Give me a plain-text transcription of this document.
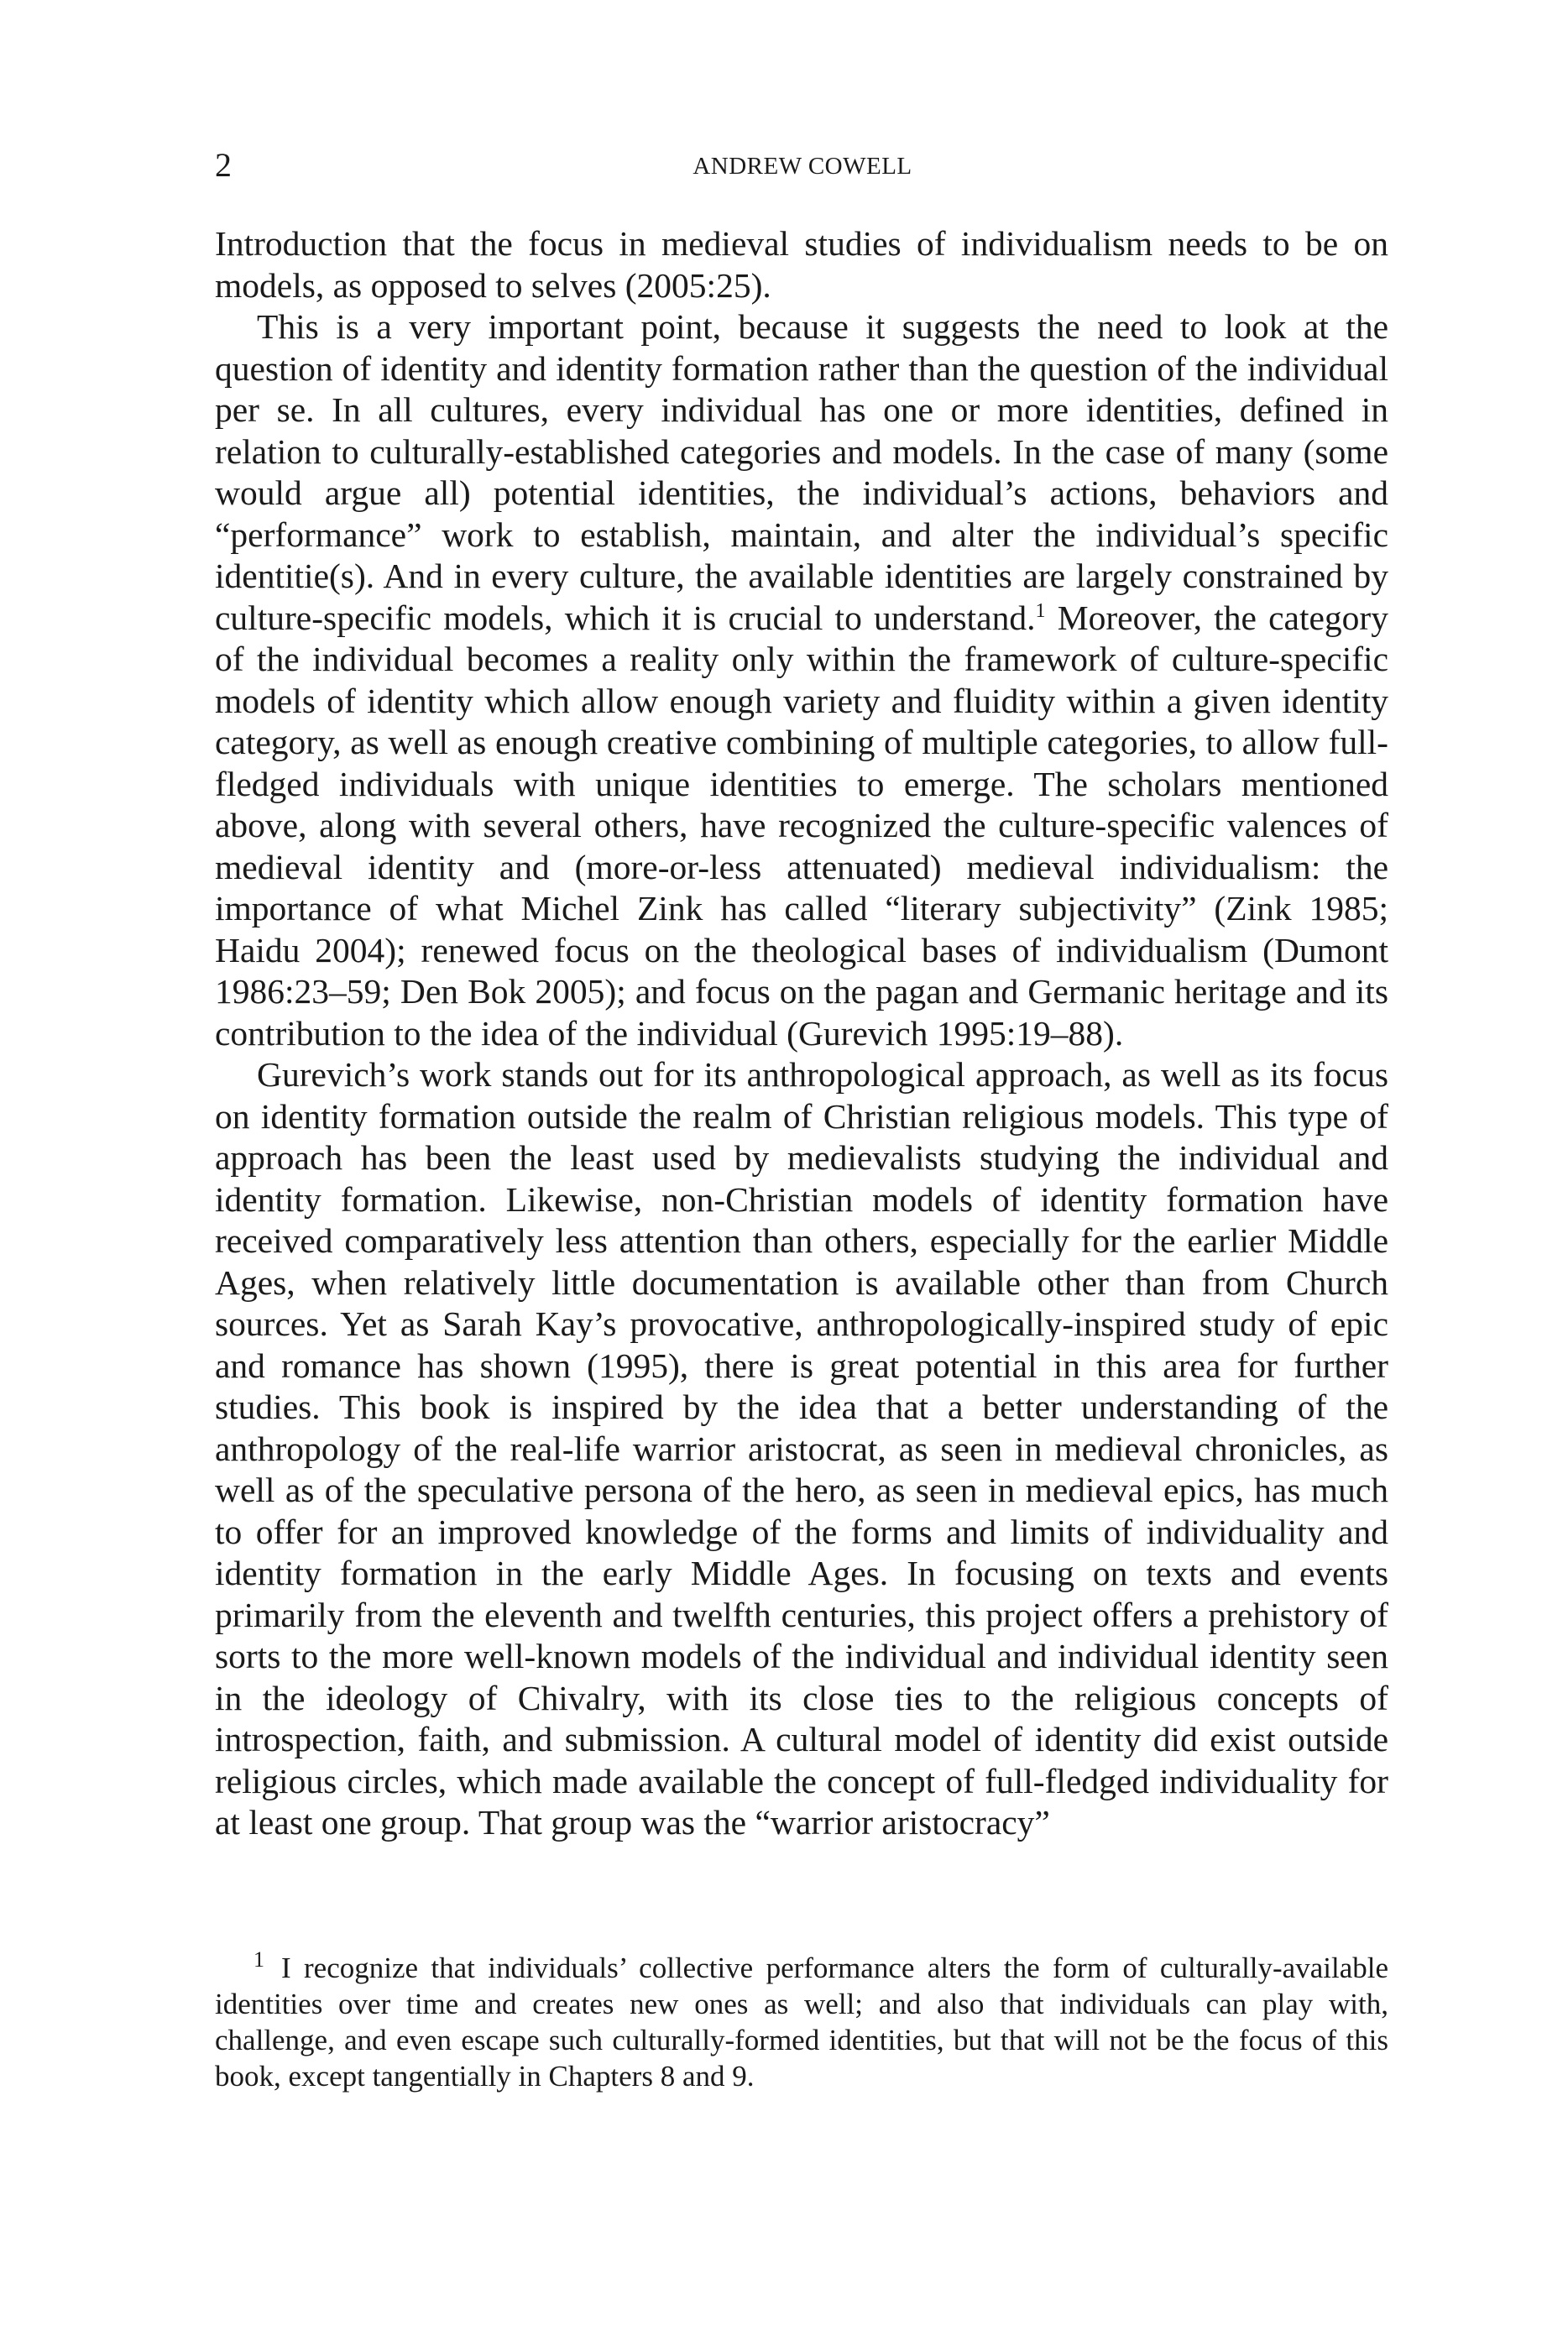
2	ANDREW COWELL

Introduction that the focus in medieval studies of individualism needs to be on models, as opposed to selves (2005:25).

This is a very important point, because it suggests the need to look at the question of identity and identity formation rather than the question of the individual per se. In all cultures, every individual has one or more identities, defined in relation to culturally-established categories and models. In the case of many (some would argue all) potential identities, the individual’s actions, behaviors and “performance” work to establish, maintain, and alter the individual’s specific identitie(s). And in every culture, the available identities are largely constrained by culture-specific models, which it is crucial to understand.$^1$ Moreover, the category of the individual becomes a reality only within the framework of culture-specific models of identity which allow enough variety and fluidity within a given identity category, as well as enough creative combining of multiple categories, to allow full-fledged individuals with unique identities to emerge. The scholars mentioned above, along with several others, have recognized the culture-specific valences of medieval identity and (more-or-less attenuated) medieval individualism: the importance of what Michel Zink has called “literary subjectivity” (Zink 1985; Haidu 2004); renewed focus on the theological bases of individualism (Dumont 1986:23–59; Den Bok 2005); and focus on the pagan and Germanic heritage and its contribution to the idea of the individual (Gurevich 1995:19–88).

Gurevich’s work stands out for its anthropological approach, as well as its focus on identity formation outside the realm of Christian religious models. This type of approach has been the least used by medievalists studying the individual and identity formation. Likewise, non-Christian models of identity formation have received comparatively less attention than others, especially for the earlier Middle Ages, when relatively little documentation is available other than from Church sources. Yet as Sarah Kay’s provocative, anthropologically-inspired study of epic and romance has shown (1995), there is great potential in this area for further studies. This book is inspired by the idea that a better understanding of the anthropology of the real-life warrior aristocrat, as seen in medieval chronicles, as well as of the speculative persona of the hero, as seen in medieval epics, has much to offer for an improved knowledge of the forms and limits of individuality and identity formation in the early Middle Ages. In focusing on texts and events primarily from the eleventh and twelfth centuries, this project offers a prehistory of sorts to the more well-known models of the individual and individual identity seen in the ideology of Chivalry, with its close ties to the religious concepts of introspection, faith, and submission. A cultural model of identity did exist outside religious circles, which made available the concept of full-fledged individuality for at least one group. That group was the “warrior aristocracy”

$^1$ I recognize that individuals’ collective performance alters the form of culturally-available identities over time and creates new ones as well; and also that individuals can play with, challenge, and even escape such culturally-formed identities, but that will not be the focus of this book, except tangentially in Chapters 8 and 9.
